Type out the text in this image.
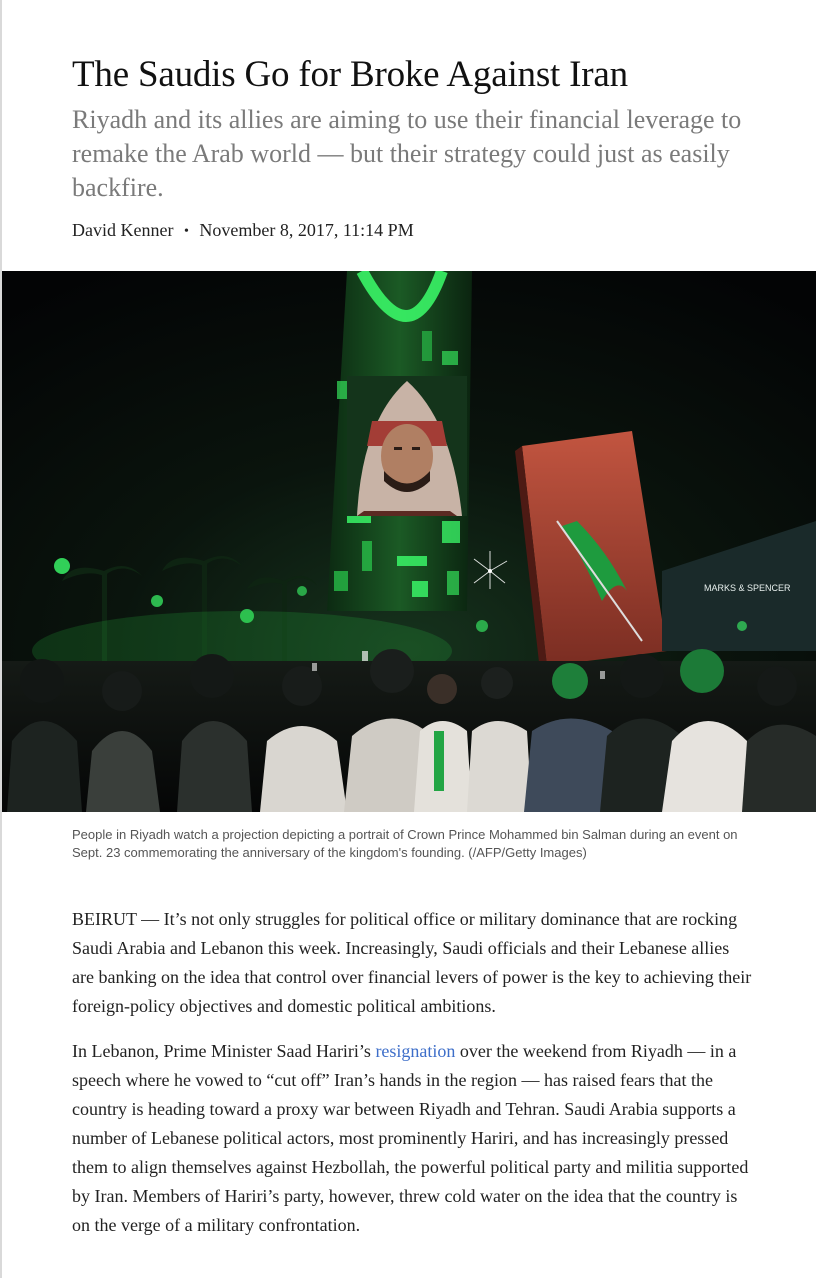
The Saudis Go for Broke Against Iran
Riyadh and its allies are aiming to use their financial leverage to remake the Arab world — but their strategy could just as easily backfire.
David Kenner • November 8, 2017, 11:14 PM
MARKS & SPENCER
People in Riyadh watch a projection depicting a portrait of Crown Prince Mohammed bin Salman during an event on Sept. 23 commemorating the anniversary of the kingdom's founding. (/AFP/Getty Images)

BEIRUT — It’s not only struggles for political office or military dominance that are rocking Saudi Arabia and Lebanon this week. Increasingly, Saudi officials and their Lebanese allies are banking on the idea that control over financial levers of power is the key to achieving their foreign-policy objectives and domestic political ambitions.

In Lebanon, Prime Minister Saad Hariri’s resignation over the weekend from Riyadh — in a speech where he vowed to “cut off” Iran’s hands in the region — has raised fears that the country is heading toward a proxy war between Riyadh and Tehran. Saudi Arabia supports a number of Lebanese political actors, most prominently Hariri, and has increasingly pressed them to align themselves against Hezbollah, the powerful political party and militia supported by Iran. Members of Hariri’s party, however, threw cold water on the idea that the country is on the verge of a military confrontation.
